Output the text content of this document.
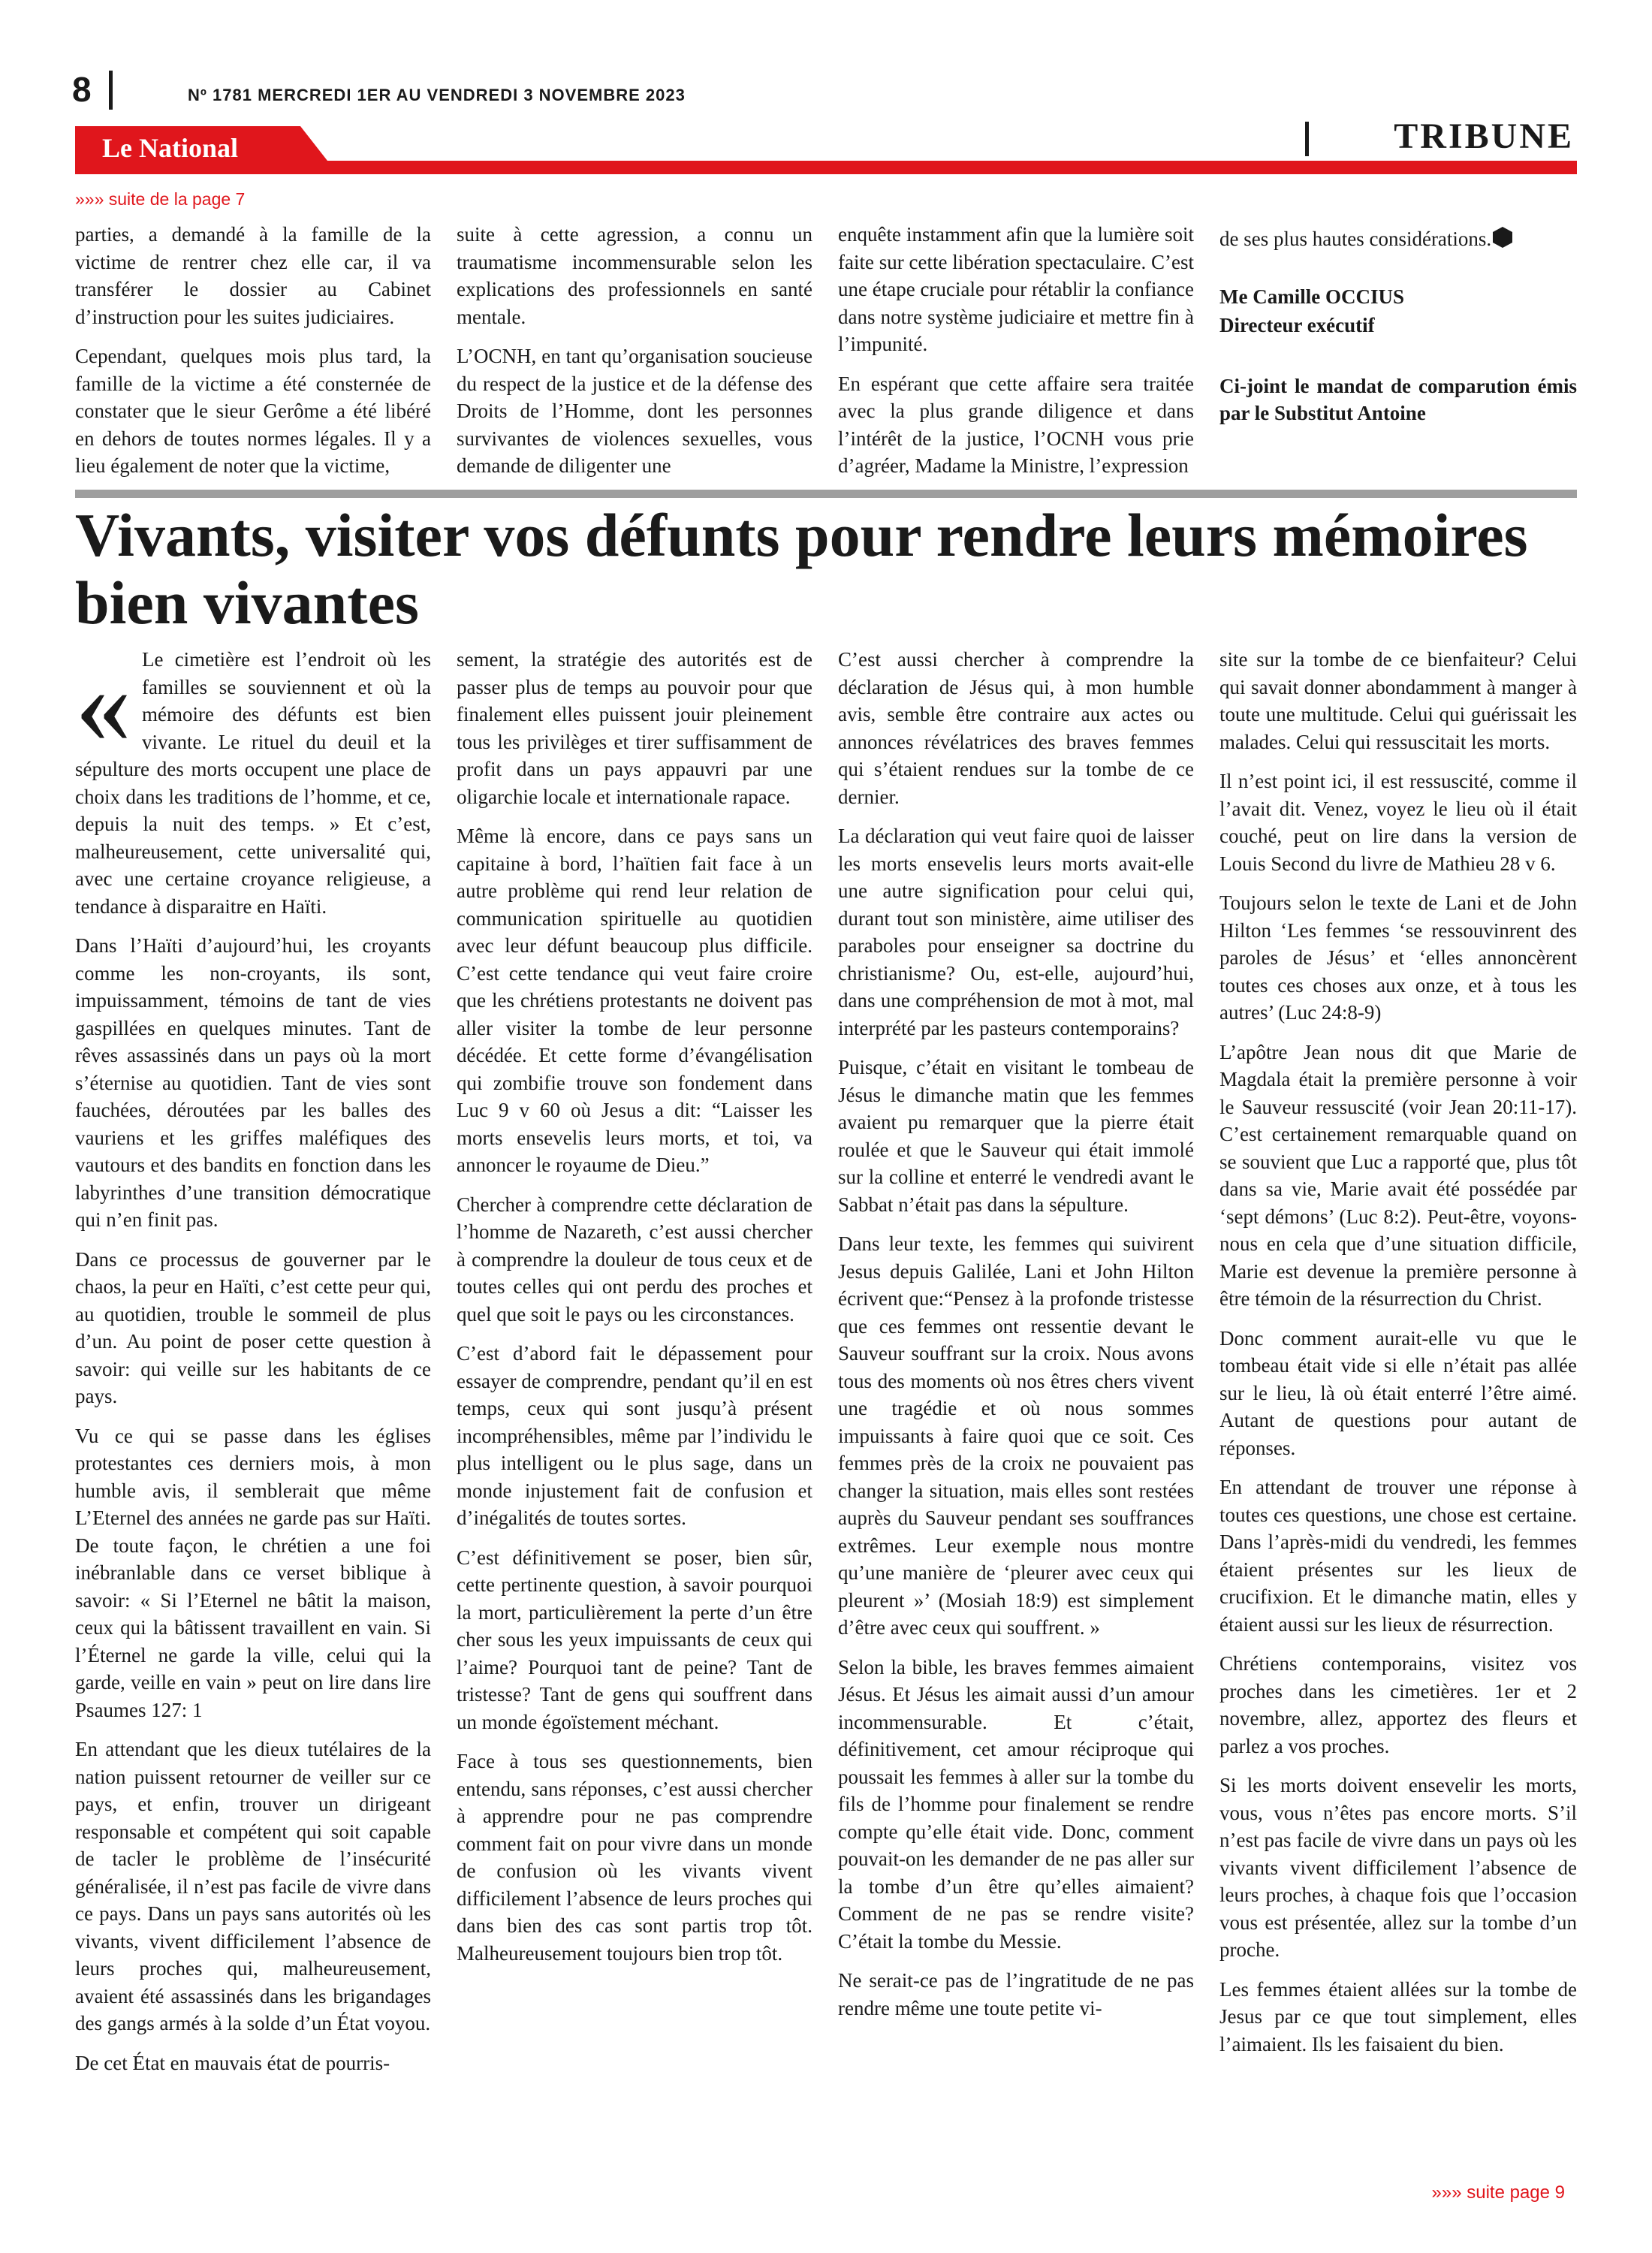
8	Nº 1781 MERCREDI 1ER AU VENDREDI 3 NOVEMBRE 2023
Le National	TRIBUNE
»»» suite de la page 7

parties, a demandé à la famille de la victime de rentrer chez elle car, il va transférer le dossier au Cabinet d’instruction pour les suites judiciaires.

Cependant, quelques mois plus tard, la famille de la victime a été consternée de constater que le sieur Gerôme a été libéré en dehors de toutes normes légales. Il y a lieu également de noter que la victime,

suite à cette agression, a connu un traumatisme incommensurable selon les explications des professionnels en santé mentale.

L’OCNH, en tant qu’organisation soucieuse du respect de la justice et de la défense des Droits de l’Homme, dont les personnes survivantes de violences sexuelles, vous demande de diligenter une

enquête instamment afin que la lumière soit faite sur cette libération spectaculaire. C’est une étape cruciale pour rétablir la confiance dans notre système judiciaire et mettre fin à l’impunité.

En espérant que cette affaire sera traitée avec la plus grande diligence et dans l’intérêt de la justice, l’OCNH vous prie d’agréer, Madame la Ministre, l’expression

de ses plus hautes considérations.

Me Camille OCCIUS

Directeur exécutif

Ci-joint le mandat de comparution émis par le Substitut Antoine

Vivants, visiter vos défunts pour rendre leurs mémoires bien vivantes

« Le cimetière est l’endroit où les familles se souviennent et où la mémoire des défunts est bien vivante. Le rituel du deuil et la sépulture des morts occupent une place de choix dans les traditions de l’homme, et ce, depuis la nuit des temps. » Et c’est, malheureusement, cette universalité qui, avec une certaine croyance religieuse, a tendance à disparaitre en Haïti.

Dans l’Haïti d’aujourd’hui, les croyants comme les non-croyants, ils sont, impuissamment, témoins de tant de vies gaspillées en quelques minutes. Tant de rêves assassinés dans un pays où la mort s’éternise au quotidien. Tant de vies sont fauchées, déroutées par les balles des vauriens et les griffes maléfiques des vautours et des bandits en fonction dans les labyrinthes d’une transition démocratique qui n’en finit pas.

Dans ce processus de gouverner par le chaos, la peur en Haïti, c’est cette peur qui, au quotidien, trouble le sommeil de plus d’un. Au point de poser cette question à savoir: qui veille sur les habitants de ce pays.

Vu ce qui se passe dans les églises protestantes ces derniers mois, à mon humble avis, il semblerait que même L’Eternel des années ne garde pas sur Haïti. De toute façon, le chrétien a une foi inébranlable dans ce verset biblique à savoir: « Si l’Eternel ne bâtit la maison, ceux qui la bâtissent travaillent en vain. Si l’Éternel ne garde la ville, celui qui la garde, veille en vain » peut on lire dans lire Psaumes 127: 1

En attendant que les dieux tutélaires de la nation puissent retourner de veiller sur ce pays, et enfin, trouver un dirigeant responsable et compétent qui soit capable de tacler le problème de l’insécurité généralisée, il n’est pas facile de vivre dans ce pays. Dans un pays sans autorités où les vivants, vivent difficilement l’absence de leurs proches qui, malheureusement, avaient été assassinés dans les brigandages des gangs armés à la solde d’un État voyou.

De cet État en mauvais état de pourris-

sement, la stratégie des autorités est de passer plus de temps au pouvoir pour que finalement elles puissent jouir pleinement tous les privilèges et tirer suffisamment de profit dans un pays appauvri par une oligarchie locale et internationale rapace.

Même là encore, dans ce pays sans un capitaine à bord, l’haïtien fait face à un autre problème qui rend leur relation de communication spirituelle au quotidien avec leur défunt beaucoup plus difficile. C’est cette tendance qui veut faire croire que les chrétiens protestants ne doivent pas aller visiter la tombe de leur personne décédée. Et cette forme d’évangélisation qui zombifie trouve son fondement dans Luc 9 v 60 où Jesus a dit: “Laisser les morts ensevelis leurs morts, et toi, va annoncer le royaume de Dieu.”

Chercher à comprendre cette déclaration de l’homme de Nazareth, c’est aussi chercher à comprendre la douleur de tous ceux et de toutes celles qui ont perdu des proches et quel que soit le pays ou les circonstances.

C’est d’abord fait le dépassement pour essayer de comprendre, pendant qu’il en est temps, ceux qui sont jusqu’à présent incompréhensibles, même par l’individu le plus intelligent ou le plus sage, dans un monde injustement fait de confusion et d’inégalités de toutes sortes.

C’est définitivement se poser, bien sûr, cette pertinente question, à savoir pourquoi la mort, particulièrement la perte d’un être cher sous les yeux impuissants de ceux qui l’aime? Pourquoi tant de peine? Tant de tristesse? Tant de gens qui souffrent dans un monde égoïstement méchant.

Face à tous ses questionnements, bien entendu, sans réponses, c’est aussi chercher à apprendre pour ne pas comprendre comment fait on pour vivre dans un monde de confusion où les vivants vivent difficilement l’absence de leurs proches qui dans bien des cas sont partis trop tôt. Malheureusement toujours bien trop tôt.

C’est aussi chercher à comprendre la déclaration de Jésus qui, à mon humble avis, semble être contraire aux actes ou annonces révélatrices des braves femmes qui s’étaient rendues sur la tombe de ce dernier.

La déclaration qui veut faire quoi de laisser les morts ensevelis leurs morts avait-elle une autre signification pour celui qui, durant tout son ministère, aime utiliser des paraboles pour enseigner sa doctrine du christianisme? Ou, est-elle, aujourd’hui, dans une compréhension de mot à mot, mal interprété par les pasteurs contemporains?

Puisque, c’était en visitant le tombeau de Jésus le dimanche matin que les femmes avaient pu remarquer que la pierre était roulée et que le Sauveur qui était immolé sur la colline et enterré le vendredi avant le Sabbat n’était pas dans la sépulture.

Dans leur texte, les femmes qui suivirent Jesus depuis Galilée, Lani et John Hilton écrivent que:“Pensez à la profonde tristesse que ces femmes ont ressentie devant le Sauveur souffrant sur la croix. Nous avons tous des moments où nos êtres chers vivent une tragédie et où nous sommes impuissants à faire quoi que ce soit. Ces femmes près de la croix ne pouvaient pas changer la situation, mais elles sont restées auprès du Sauveur pendant ses souffrances extrêmes. Leur exemple nous montre qu’une manière de ‘pleurer avec ceux qui pleurent »’ (Mosiah 18:9) est simplement d’être avec ceux qui souffrent. »

Selon la bible, les braves femmes aimaient Jésus. Et Jésus les aimait aussi d’un amour incommensurable. Et c’était, définitivement, cet amour réciproque qui poussait les femmes à aller sur la tombe du fils de l’homme pour finalement se rendre compte qu’elle était vide. Donc, comment pouvait-on les demander de ne pas aller sur la tombe d’un être qu’elles aimaient? Comment de ne pas se rendre visite? C’était la tombe du Messie.

Ne serait-ce pas de l’ingratitude de ne pas rendre même une toute petite vi-

site sur la tombe de ce bienfaiteur? Celui qui savait donner abondamment à manger à toute une multitude. Celui qui guérissait les malades. Celui qui ressuscitait les morts.

Il n’est point ici, il est ressuscité, comme il l’avait dit. Venez, voyez le lieu où il était couché, peut on lire dans la version de Louis Second du livre de Mathieu 28 v 6.

Toujours selon le texte de Lani et de John Hilton ‘Les femmes ‘se ressouvinrent des paroles de Jésus’ et ‘elles annoncèrent toutes ces choses aux onze, et à tous les autres’ (Luc 24:8-9)

L’apôtre Jean nous dit que Marie de Magdala était la première personne à voir le Sauveur ressuscité (voir Jean 20:11-17). C’est certainement remarquable quand on se souvient que Luc a rapporté que, plus tôt dans sa vie, Marie avait été possédée par ‘sept démons’ (Luc 8:2). Peut-être, voyons-nous en cela que d’une situation difficile, Marie est devenue la première personne à être témoin de la résurrection du Christ.

Donc comment aurait-elle vu que le tombeau était vide si elle n’était pas allée sur le lieu, là où était enterré l’être aimé. Autant de questions pour autant de réponses.

En attendant de trouver une réponse à toutes ces questions, une chose est certaine. Dans l’après-midi du vendredi, les femmes étaient présentes sur les lieux de crucifixion. Et le dimanche matin, elles y étaient aussi sur les lieux de résurrection.

Chrétiens contemporains, visitez vos proches dans les cimetières. 1er et 2 novembre, allez, apportez des fleurs et parlez a vos proches.

Si les morts doivent ensevelir les morts, vous, vous n’êtes pas encore morts. S’il n’est pas facile de vivre dans un pays où les vivants vivent difficilement l’absence de leurs proches, à chaque fois que l’occasion vous est présentée, allez sur la tombe d’un proche.

Les femmes étaient allées sur la tombe de Jesus par ce que tout simplement, elles l’aimaient. Ils les faisaient du bien.

»»» suite page 9
